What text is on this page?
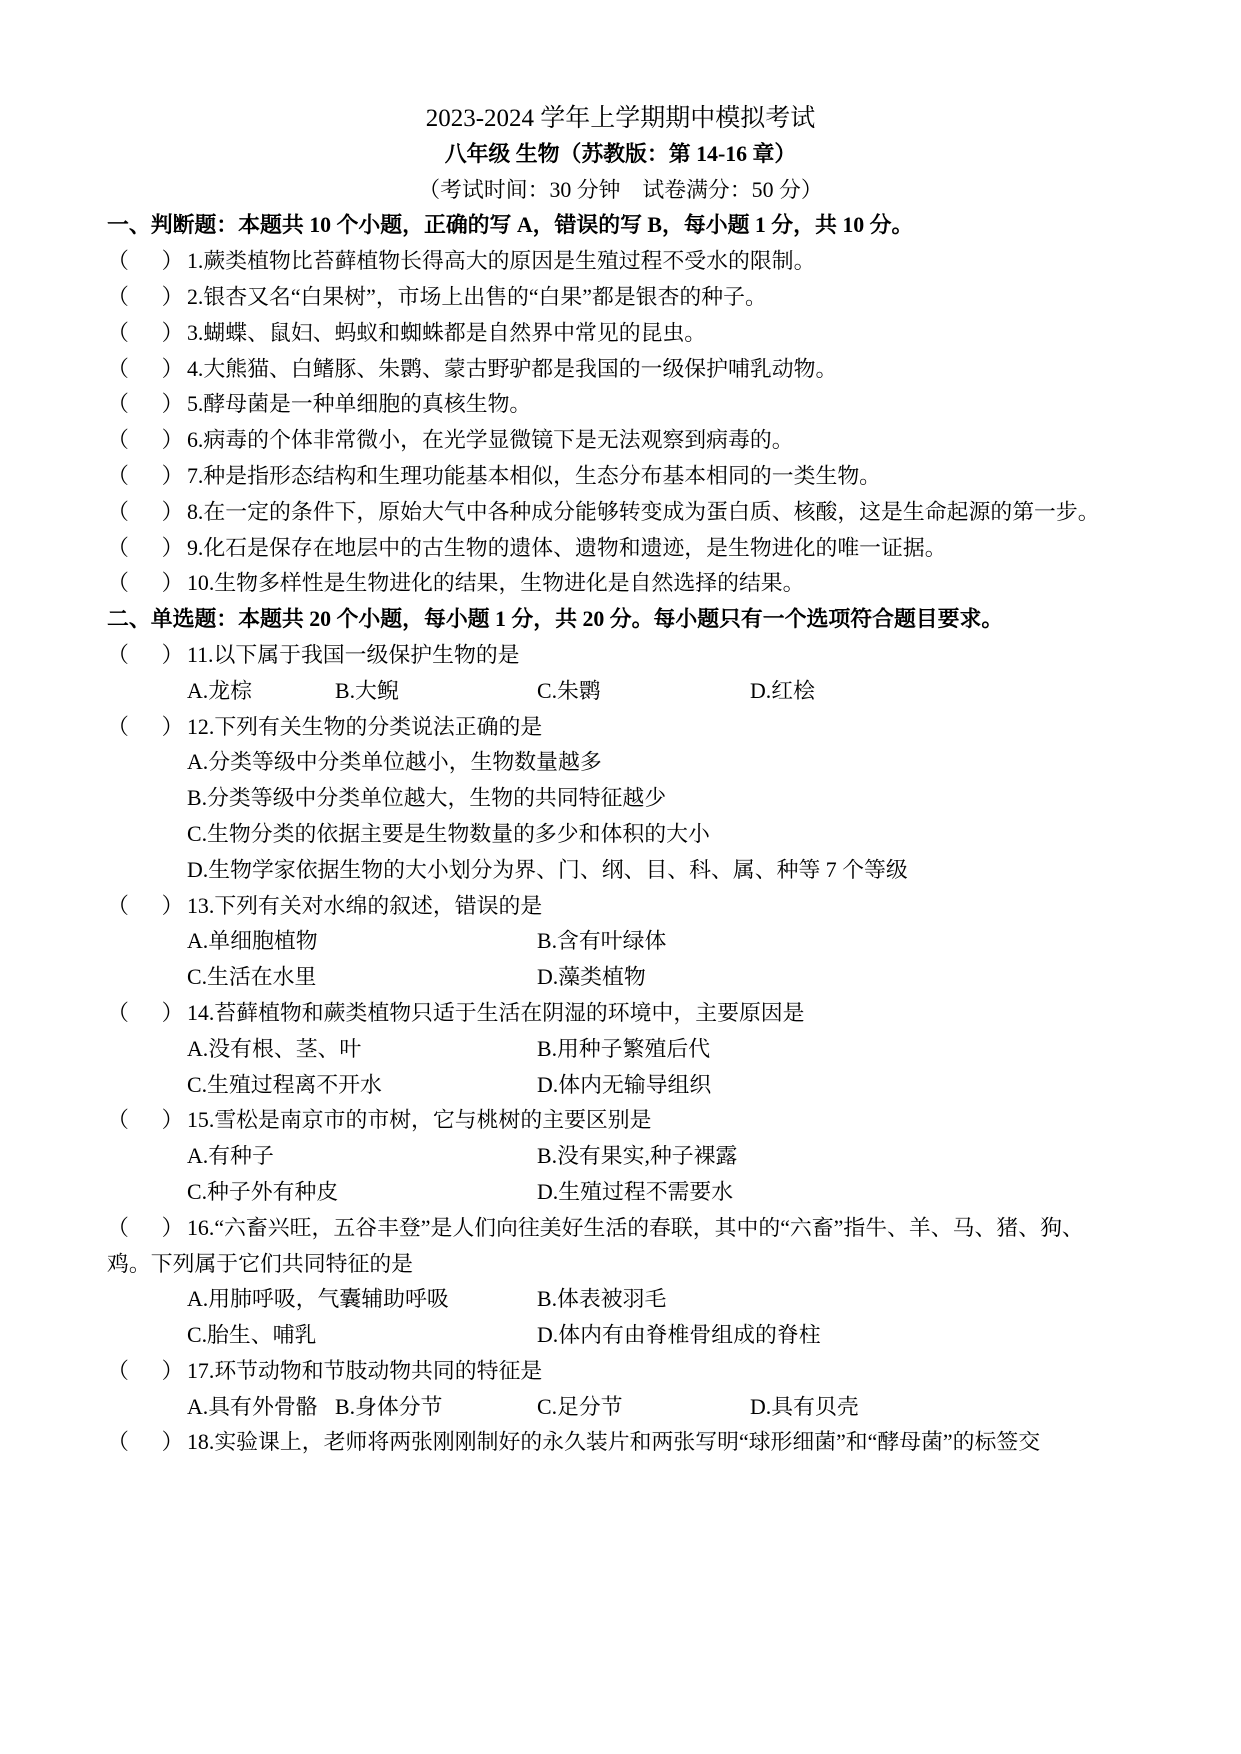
2023-2024 学年上学期期中模拟考试
八年级 生物（苏教版：第 14-16 章）
（考试时间：30 分钟    试卷满分：50 分）
一、判断题：本题共 10 个小题，正确的写 A，错误的写 B，每小题 1 分，共 10 分。
（      ） 1.蕨类植物比苔藓植物长得高大的原因是生殖过程不受水的限制。
（      ） 2.银杏又名“白果树”，市场上出售的“白果”都是银杏的种子。
（      ） 3.蝴蝶、鼠妇、蚂蚁和蜘蛛都是自然界中常见的昆虫。
（      ） 4.大熊猫、白鳍豚、朱鹮、蒙古野驴都是我国的一级保护哺乳动物。
（      ） 5.酵母菌是一种单细胞的真核生物。
（      ） 6.病毒的个体非常微小，在光学显微镜下是无法观察到病毒的。
（      ） 7.种是指形态结构和生理功能基本相似，生态分布基本相同的一类生物。
（      ） 8.在一定的条件下，原始大气中各种成分能够转变成为蛋白质、核酸，这是生命起源的第一步。
（      ） 9.化石是保存在地层中的古生物的遗体、遗物和遗迹，是生物进化的唯一证据。
（      ） 10.生物多样性是生物进化的结果，生物进化是自然选择的结果。
二、单选题：本题共 20 个小题，每小题 1 分，共 20 分。每小题只有一个选项符合题目要求。
（      ） 11.以下属于我国一级保护生物的是
A.龙棕	B.大鲵	C.朱鹮	D.红桧
（      ） 12.下列有关生物的分类说法正确的是
A.分类等级中分类单位越小，生物数量越多
B.分类等级中分类单位越大，生物的共同特征越少
C.生物分类的依据主要是生物数量的多少和体积的大小
D.生物学家依据生物的大小划分为界、门、纲、目、科、属、种等 7 个等级
（      ） 13.下列有关对水绵的叙述，错误的是
A.单细胞植物	B.含有叶绿体
C.生活在水里	D.藻类植物
（      ） 14.苔藓植物和蕨类植物只适于生活在阴湿的环境中，主要原因是
A.没有根、茎、叶	B.用种子繁殖后代
C.生殖过程离不开水	D.体内无输导组织
（      ） 15.雪松是南京市的市树，它与桃树的主要区别是
A.有种子	B.没有果实,种子裸露
C.种子外有种皮	D.生殖过程不需要水
（      ） 16.“六畜兴旺，五谷丰登”是人们向往美好生活的春联，其中的“六畜”指牛、羊、马、猪、狗、
鸡。下列属于它们共同特征的是
A.用肺呼吸，气囊辅助呼吸	B.体表被羽毛
C.胎生、哺乳	D.体内有由脊椎骨组成的脊柱
（      ） 17.环节动物和节肢动物共同的特征是
A.具有外骨骼 B.身体分节	C.足分节	D.具有贝壳
（      ） 18.实验课上，老师将两张刚刚制好的永久装片和两张写明“球形细菌”和“酵母菌”的标签交
